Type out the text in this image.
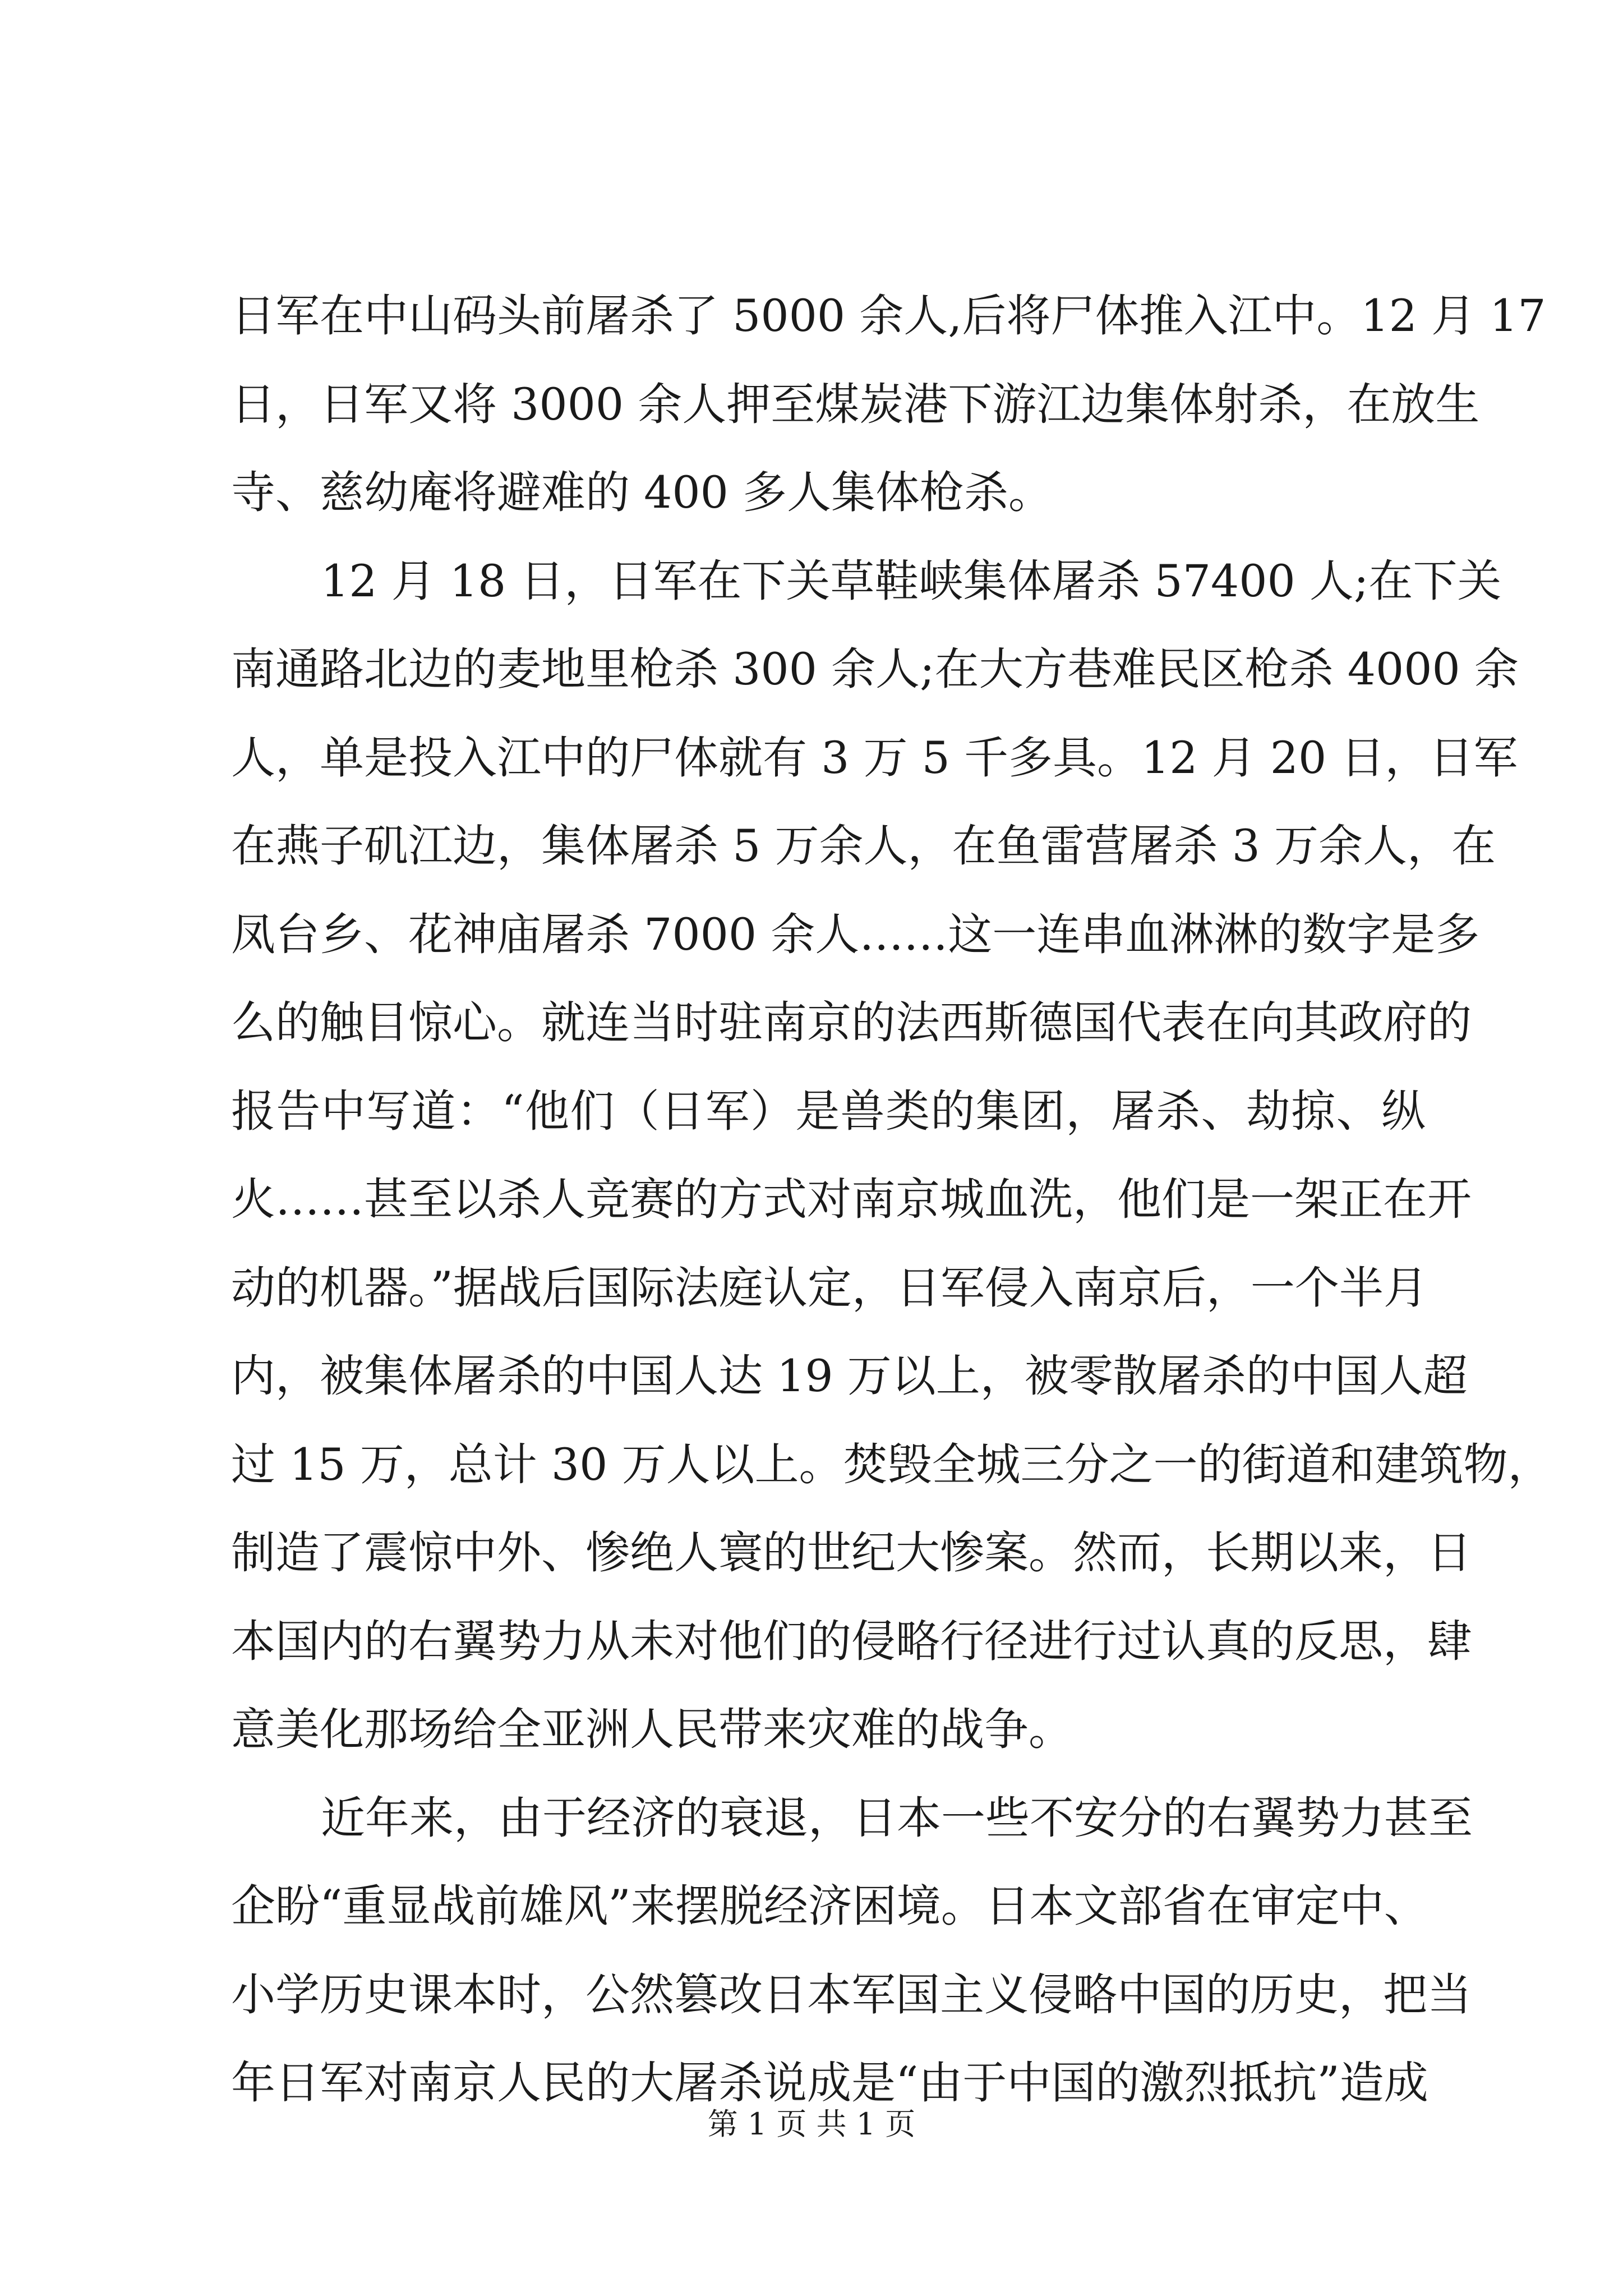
日军在中山码头前屠杀了 5000 余人,后将尸体推入江中。12 月 17
日，日军又将 3000 余人押至煤炭港下游江边集体射杀，在放生
寺、慈幼庵将避难的 400 多人集体枪杀。
12 月 18 日，日军在下关草鞋峡集体屠杀 57400 人;在下关
南通路北边的麦地里枪杀 300 余人;在大方巷难民区枪杀 4000 余
人，单是投入江中的尸体就有 3 万 5 千多具。12 月 20 日，日军
在燕子矶江边，集体屠杀 5 万余人，在鱼雷营屠杀 3 万余人，在
凤台乡、花神庙屠杀 7000 余人……这一连串血淋淋的数字是多
么的触目惊心。就连当时驻南京的法西斯德国代表在向其政府的
报告中写道：“他们（日军）是兽类的集团，屠杀、劫掠、纵
火……甚至以杀人竞赛的方式对南京城血洗，他们是一架正在开
动的机器。”据战后国际法庭认定，日军侵入南京后，一个半月
内，被集体屠杀的中国人达 19 万以上，被零散屠杀的中国人超
过 15 万，总计 30 万人以上。焚毁全城三分之一的街道和建筑物，
制造了震惊中外、惨绝人寰的世纪大惨案。然而，长期以来，日
本国内的右翼势力从未对他们的侵略行径进行过认真的反思，肆
意美化那场给全亚洲人民带来灾难的战争。
近年来，由于经济的衰退，日本一些不安分的右翼势力甚至
企盼“重显战前雄风”来摆脱经济困境。日本文部省在审定中、
小学历史课本时，公然篡改日本军国主义侵略中国的历史，把当
年日军对南京人民的大屠杀说成是“由于中国的激烈抵抗”造成
第 1 页 共 1 页
